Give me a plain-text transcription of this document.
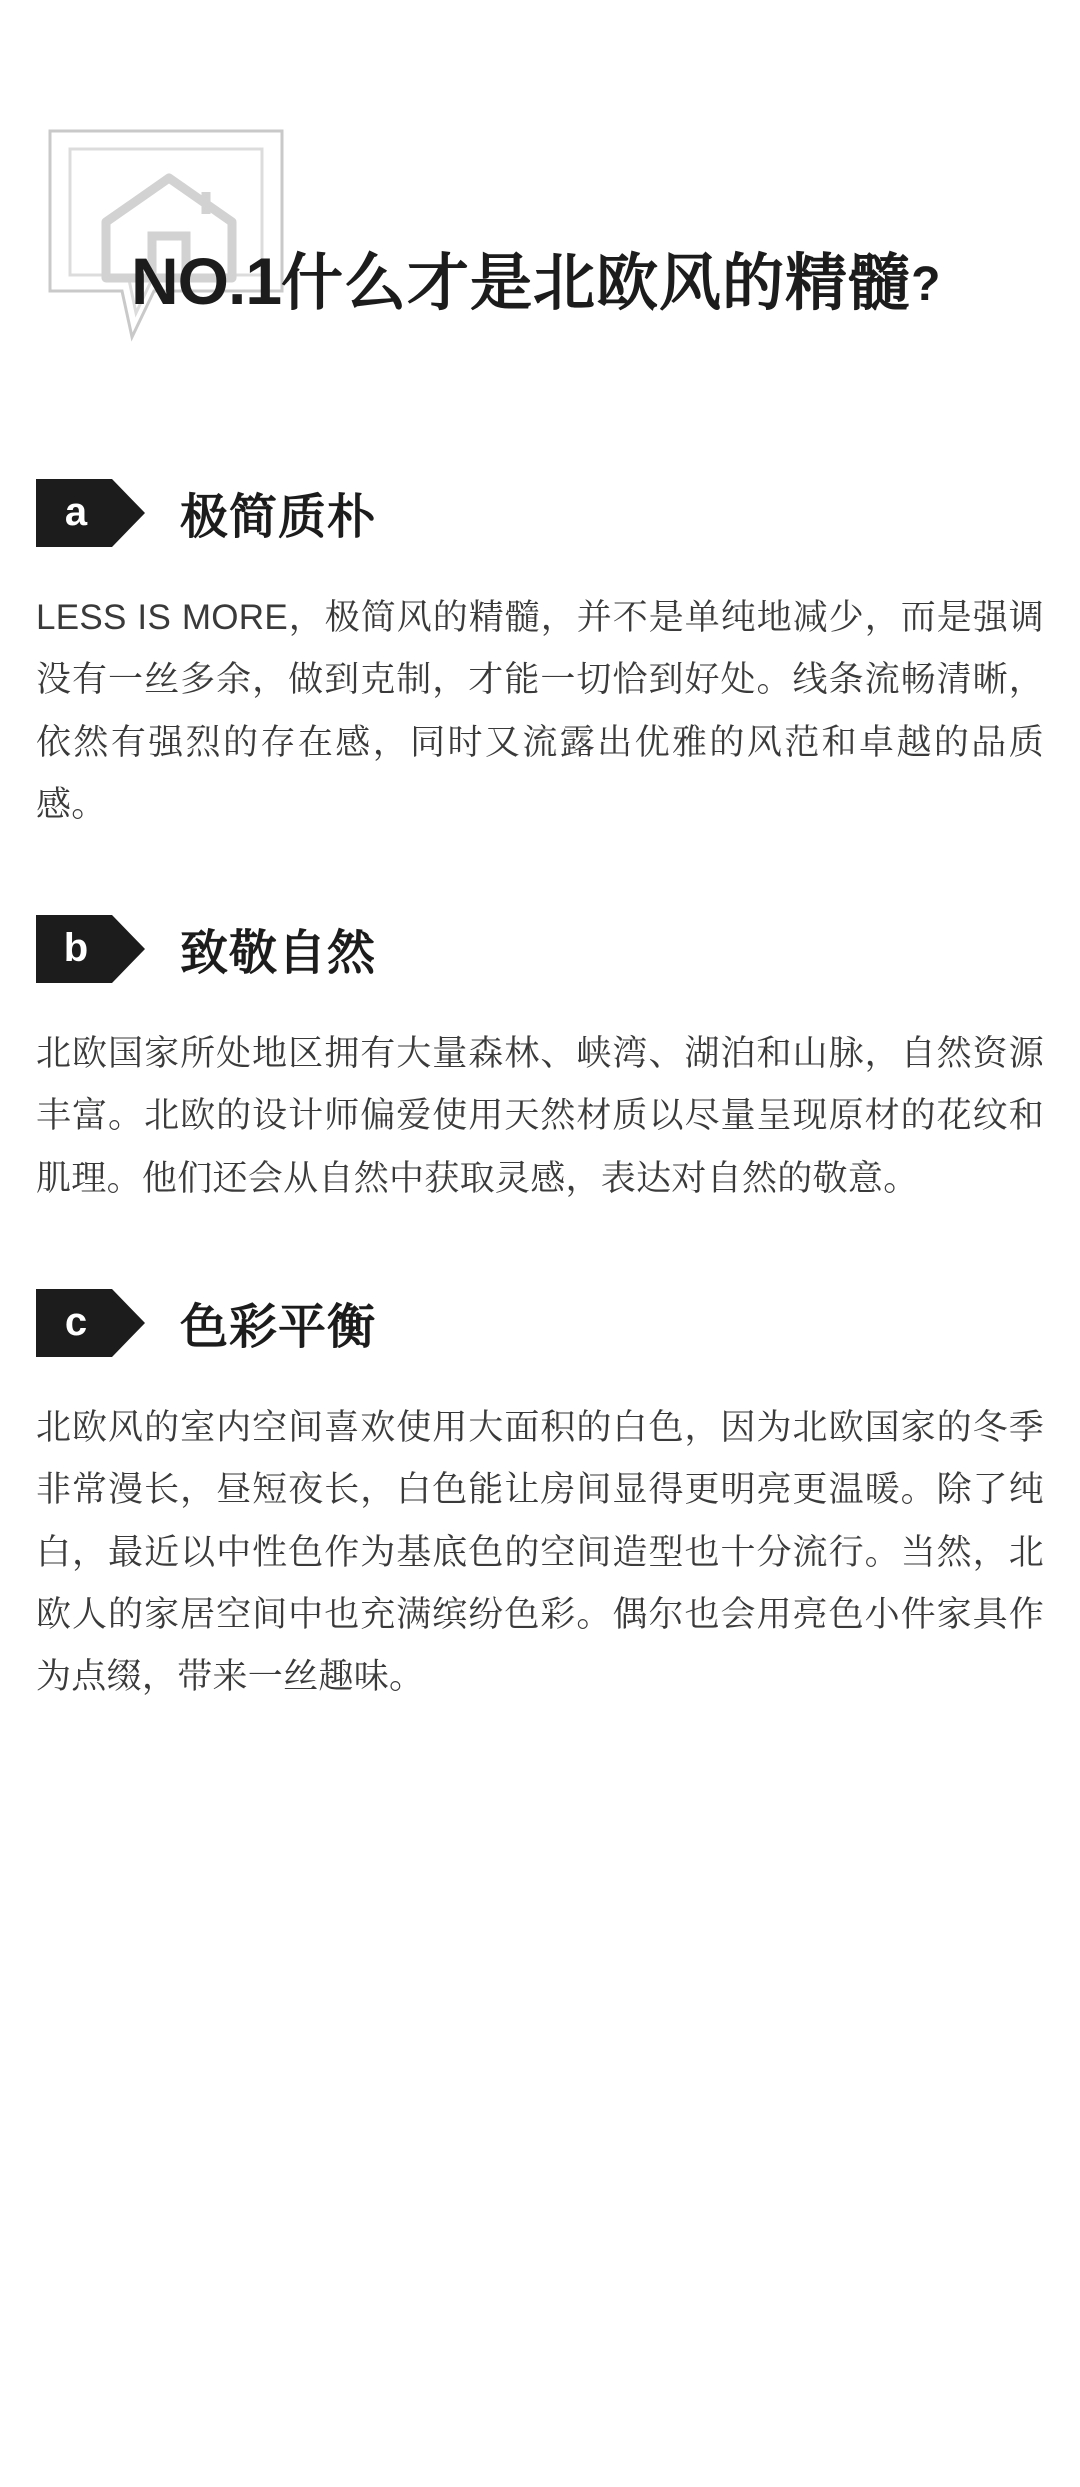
NO.1什么才是北欧风的精髓?
a	极简质朴

LESS IS MORE，极简风的精髓，并不是单纯地减少，而是强调没有一丝多余，做到克制，才能一切恰到好处。线条流畅清晰，依然有强烈的存在感，同时又流露出优雅的风范和卓越的品质感。

b	致敬自然

北欧国家所处地区拥有大量森林、峡湾、湖泊和山脉，自然资源丰富。北欧的设计师偏爱使用天然材质以尽量呈现原材的花纹和肌理。他们还会从自然中获取灵感，表达对自然的敬意。

c	色彩平衡

北欧风的室内空间喜欢使用大面积的白色，因为北欧国家的冬季非常漫长，昼短夜长，白色能让房间显得更明亮更温暖。除了纯白，最近以中性色作为基底色的空间造型也十分流行。当然，北欧人的家居空间中也充满缤纷色彩。偶尔也会用亮色小件家具作为点缀，带来一丝趣味。
